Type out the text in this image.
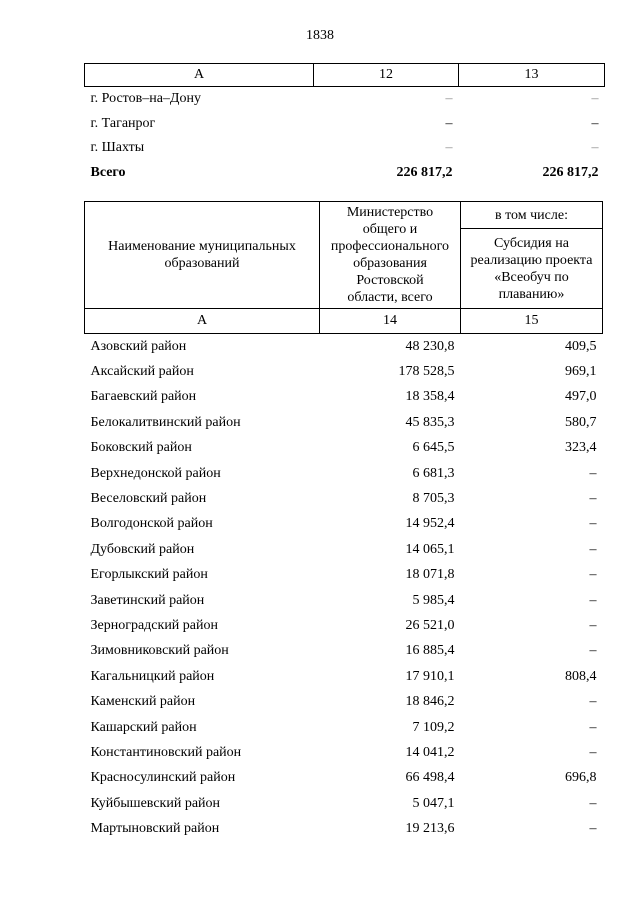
1838
А	12	13
г. Ростов–на–Дону	–	–
г. Таганрог	–	–
г. Шахты	–	–
Всего	226 817,2	226 817,2
Наименование муниципальных образований	Министерство общего и профессионального образования Ростовской области, всего	в том числе:

		Субсидия на реализацию проекта «Всеобуч по плаванию»

А	14	15
Азовский район	48 230,8	409,5
Аксайский район	178 528,5	969,1
Багаевский район	18 358,4	497,0
Белокалитвинский район	45 835,3	580,7
Боковский район	6 645,5	323,4
Верхнедонской район	6 681,3	–
Веселовский район	8 705,3	–
Волгодонской район	14 952,4	–
Дубовский район	14 065,1	–
Егорлыкский район	18 071,8	–
Заветинский район	5 985,4	–
Зерноградский район	26 521,0	–
Зимовниковский район	16 885,4	–
Кагальницкий район	17 910,1	808,4
Каменский район	18 846,2	–
Кашарский район	7 109,2	–
Константиновский район	14 041,2	–
Красносулинский район	66 498,4	696,8
Куйбышевский район	5 047,1	–
Мартыновский район	19 213,6	–
